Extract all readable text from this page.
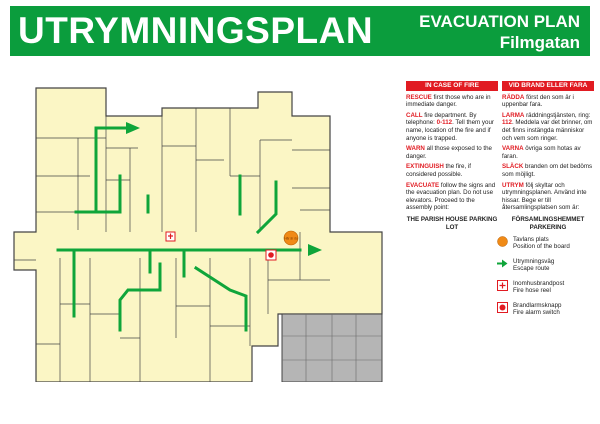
UTRYMNINGSPLAN	EVACUATION PLAN
Filmgatan
Här är du
IN CASE OF FIRE
RESCUE first those who are in immediate danger.
CALL fire department. By telephone: 0-112. Tell them your name, location of the fire and if anyone is trapped.
WARN all those exposed to the danger.
EXTINGUISH the fire, if considered possible.
EVACUATE follow the signs and the evacuation plan. Do not use elevators. Proceed to the assembly point:
THE PARISH HOUSE PARKING LOT
VID BRAND ELLER FARA
RÄDDA först den som är i uppenbar fara.
LARMA räddningstjänsten, ring: 112. Meddela var det brinner, om det finns instängda människor och vem som ringer.
VARNA övriga som hotas av faran.
SLÄCK branden om det bedöms som möjligt.
UTRYM följ skyltar och utrymningsplanen. Använd inte hissar. Bege er till återsamlingsplatsen som är:
FÖRSAMLINGSHEMMET PARKERING
Tavlans plats
Position of the board
Utrymningsväg
Escape route
Inomhusbrandpost
Fire hose reel
Brandlarmsknapp
Fire alarm switch
